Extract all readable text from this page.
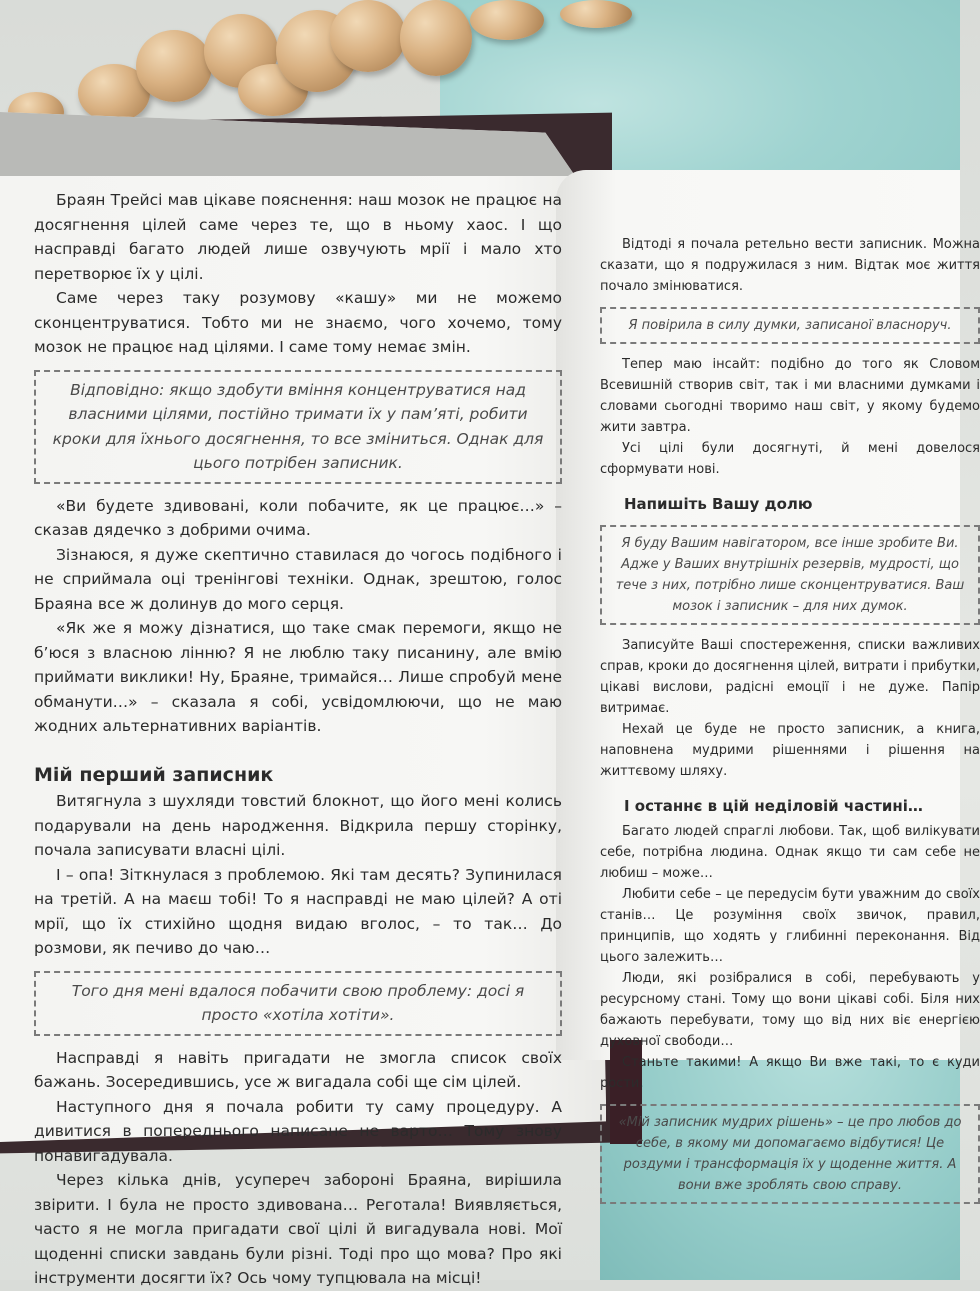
Браян Трейсі мав цікаве пояснення: наш мозок не працює на досягнення цілей саме через те, що в ньому хаос. І що насправді багато людей лише озвучують мрії і мало хто перетворює їх у цілі.

Саме через таку розумову «кашу» ми не можемо сконцентруватися. Тобто ми не знаємо, чого хочемо, тому мозок не працює над цілями. І саме тому немає змін.

Відповідно: якщо здобути вміння концентруватися над власними цілями, постійно тримати їх у пам’яті, робити кроки для їхнього досягнення, то все зміниться. Однак для цього потрібен записник.

«Ви будете здивовані, коли побачите, як це працює…» – сказав дядечко з добрими очима.

Зізнаюся, я дуже скептично ставилася до чогось подібного і не сприймала оці тренінгові техніки. Однак, зрештою, голос Браяна все ж долинув до мого серця.

«Як же я можу дізнатися, що таке смак перемоги, якщо не б’юся з власною лінню? Я не люблю таку писанину, але вмію приймати виклики! Ну, Браяне, тримайся… Лише спробуй мене обманути…» – сказала я собі, усвідомлюючи, що не маю жодних альтернативних варіантів.

Мій перший записник

Витягнула з шухляди товстий блокнот, що його мені колись подарували на день народження. Відкрила першу сторінку, почала записувати власні цілі.

І – опа! Зіткнулася з проблемою. Які там десять? Зупинилася на третій. А на маєш тобі! То я насправді не маю цілей? А оті мрії, що їх стихійно щодня видаю вголос, – то так… До розмови, як печиво до чаю…

Того дня мені вдалося побачити свою проблему: досі я просто «хотіла хотіти».

Насправді я навіть пригадати не змогла список своїх бажань. Зосередившись, усе ж вигадала собі ще сім цілей.

Наступного дня я почала робити ту саму процедуру. А дивитися в попереднього написане не варто… Тому знову понавигадувала.

Через кілька днів, усупереч забороні Браяна, вирішила звірити. І була не просто здивована… Реготала! Виявляється, часто я не могла пригадати свої цілі й вигадувала нові. Мої щоденні списки завдань були різні. Тоді про що мова? Про які інструменти досягти їх? Ось чому тупцювала на місці!

Відтоді я почала ретельно вести записник. Можна сказати, що я подружилася з ним. Відтак моє життя почало змінюватися.

Я повірила в силу думки, записаної власноруч.

Тепер маю інсайт: подібно до того як Словом Всевишній створив світ, так і ми власними думками і словами сьогодні творимо наш світ, у якому будемо жити завтра.

Усі цілі були досягнуті, й мені довелося сформувати нові.

Напишіть Вашу долю
Я буду Вашим навігатором, все інше зробите Ви. Адже у Ваших внутрішніх резервів, мудрості, що тече з них, потрібно лише сконцентруватися. Ваш мозок і записник – для них думок.

Записуйте Ваші спостереження, списки важливих справ, кроки до досягнення цілей, витрати і прибутки, цікаві вислови, радісні емоції і не дуже. Папір витримає.

Нехай це буде не просто записник, а книга, наповнена мудрими рішеннями і рішення на життєвому шляху.

І останнє в цій неділовій частині…

Багато людей спраглі любови. Так, щоб вилікувати себе, потрібна людина. Однак якщо ти сам себе не любиш – може…

Любити себе – це передусім бути уважним до своїх станів… Це розуміння своїх звичок, правил, принципів, що ходять у глибинні переконання. Від цього залежить…

Люди, які розібралися в собі, перебувають у ресурсному стані. Тому що вони цікаві собі. Біля них бажають перебувати, тому що від них віє енергією духовної свободи…

Станьте такими! А якщо Ви вже такі, то є куди рости.

«Мій записник мудрих рішень» – це про любов до себе, в якому ми допомагаємо відбутися! Це роздуми і трансформація їх у щоденне життя. А вони вже зроблять свою справу.
